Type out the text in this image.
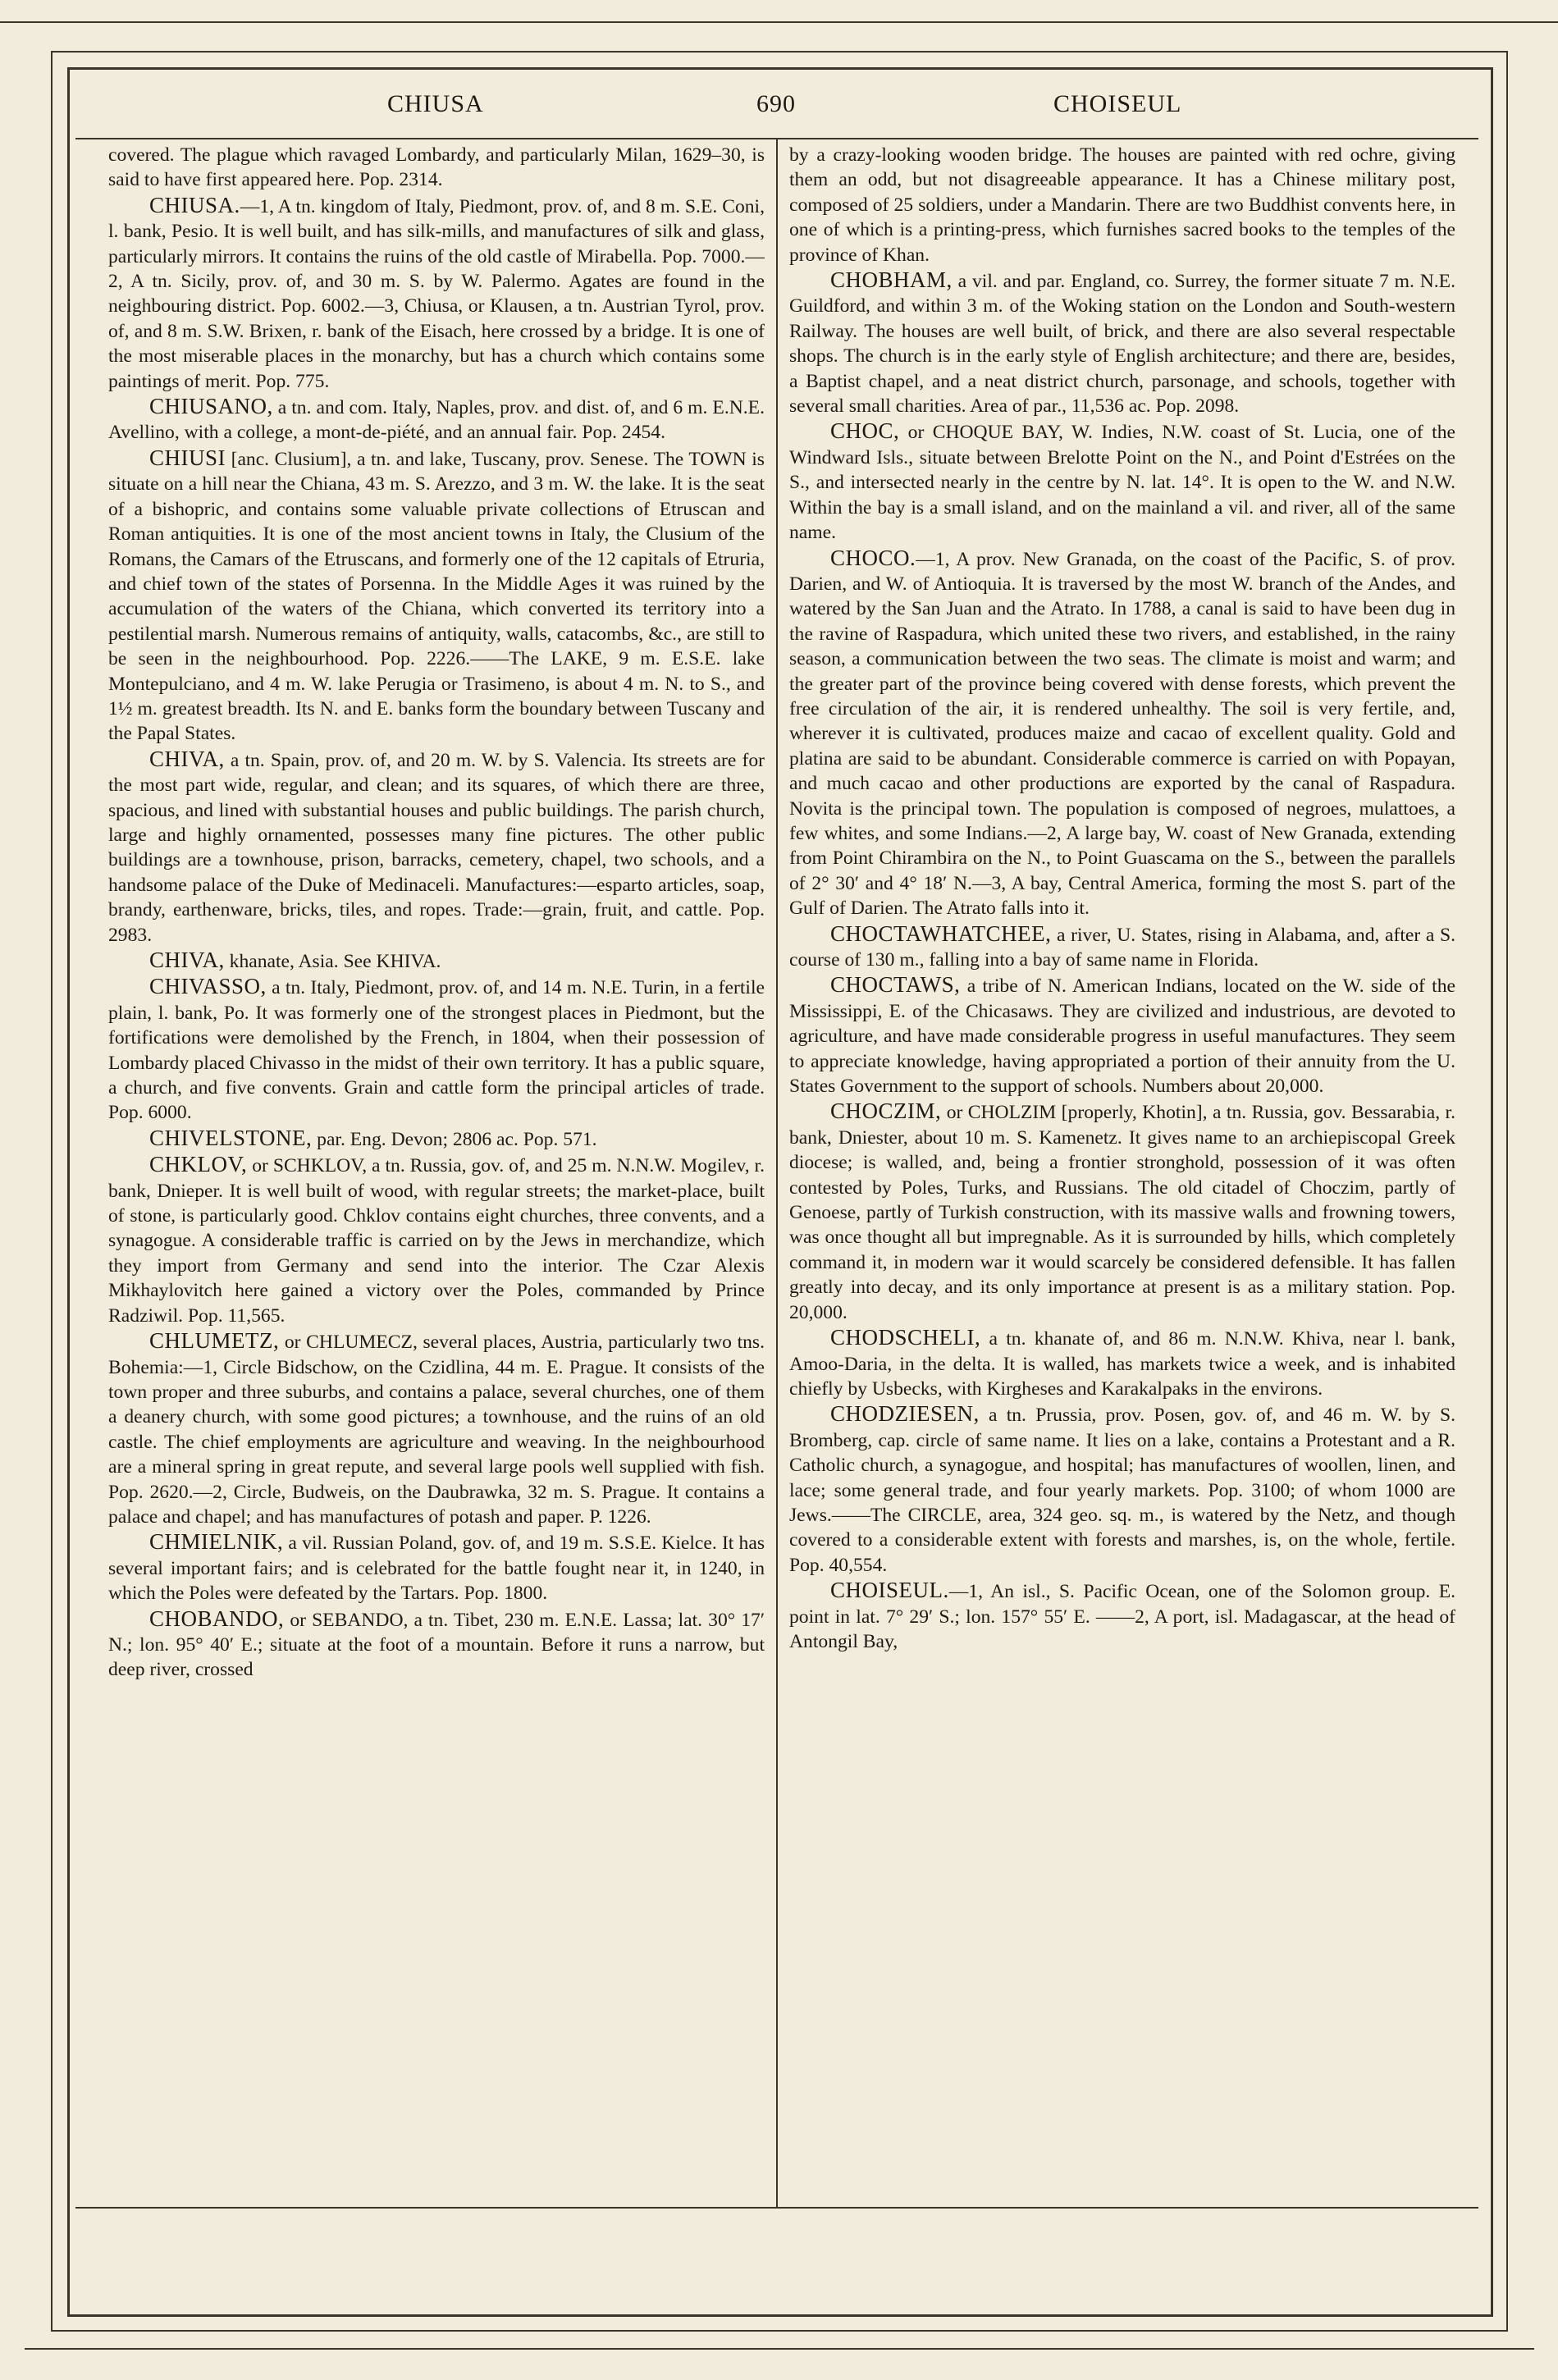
CHIUSA	690	CHOISEUL

covered. The plague which ravaged Lombardy, and particularly Milan, 1629–30, is said to have first appeared here. Pop. 2314.

CHIUSA.—1, A tn. kingdom of Italy, Piedmont, prov. of, and 8 m. S.E. Coni, l. bank, Pesio. It is well built, and has silk-mills, and manufactures of silk and glass, particularly mirrors. It contains the ruins of the old castle of Mirabella. Pop. 7000.—2, A tn. Sicily, prov. of, and 30 m. S. by W. Palermo. Agates are found in the neighbouring district. Pop. 6002.—3, Chiusa, or Klausen, a tn. Austrian Tyrol, prov. of, and 8 m. S.W. Brixen, r. bank of the Eisach, here crossed by a bridge. It is one of the most miserable places in the monarchy, but has a church which contains some paintings of merit. Pop. 775.

CHIUSANO, a tn. and com. Italy, Naples, prov. and dist. of, and 6 m. E.N.E. Avellino, with a college, a mont-de-piété, and an annual fair. Pop. 2454.

CHIUSI [anc. Clusium], a tn. and lake, Tuscany, prov. Senese. The TOWN is situate on a hill near the Chiana, 43 m. S. Arezzo, and 3 m. W. the lake. It is the seat of a bishopric, and contains some valuable private collections of Etruscan and Roman antiquities. It is one of the most ancient towns in Italy, the Clusium of the Romans, the Camars of the Etruscans, and formerly one of the 12 capitals of Etruria, and chief town of the states of Porsenna. In the Middle Ages it was ruined by the accumulation of the waters of the Chiana, which converted its territory into a pestilential marsh. Numerous remains of antiquity, walls, catacombs, &c., are still to be seen in the neighbourhood. Pop. 2226.——The LAKE, 9 m. E.S.E. lake Montepulciano, and 4 m. W. lake Perugia or Trasimeno, is about 4 m. N. to S., and 1½ m. greatest breadth. Its N. and E. banks form the boundary between Tuscany and the Papal States.

CHIVA, a tn. Spain, prov. of, and 20 m. W. by S. Valencia. Its streets are for the most part wide, regular, and clean; and its squares, of which there are three, spacious, and lined with substantial houses and public buildings. The parish church, large and highly ornamented, possesses many fine pictures. The other public buildings are a townhouse, prison, barracks, cemetery, chapel, two schools, and a handsome palace of the Duke of Medinaceli. Manufactures:—esparto articles, soap, brandy, earthenware, bricks, tiles, and ropes. Trade:—grain, fruit, and cattle. Pop. 2983.

CHIVA, khanate, Asia. See KHIVA.

CHIVASSO, a tn. Italy, Piedmont, prov. of, and 14 m. N.E. Turin, in a fertile plain, l. bank, Po. It was formerly one of the strongest places in Piedmont, but the fortifications were demolished by the French, in 1804, when their possession of Lombardy placed Chivasso in the midst of their own territory. It has a public square, a church, and five convents. Grain and cattle form the principal articles of trade. Pop. 6000.

CHIVELSTONE, par. Eng. Devon; 2806 ac. Pop. 571.

CHKLOV, or SCHKLOV, a tn. Russia, gov. of, and 25 m. N.N.W. Mogilev, r. bank, Dnieper. It is well built of wood, with regular streets; the market-place, built of stone, is particularly good. Chklov contains eight churches, three convents, and a synagogue. A considerable traffic is carried on by the Jews in merchandize, which they import from Germany and send into the interior. The Czar Alexis Mikhaylovitch here gained a victory over the Poles, commanded by Prince Radziwil. Pop. 11,565.

CHLUMETZ, or CHLUMECZ, several places, Austria, particularly two tns. Bohemia:—1, Circle Bidschow, on the Czidlina, 44 m. E. Prague. It consists of the town proper and three suburbs, and contains a palace, several churches, one of them a deanery church, with some good pictures; a townhouse, and the ruins of an old castle. The chief employments are agriculture and weaving. In the neighbourhood are a mineral spring in great repute, and several large pools well supplied with fish. Pop. 2620.—2, Circle, Budweis, on the Daubrawka, 32 m. S. Prague. It contains a palace and chapel; and has manufactures of potash and paper. P. 1226.

CHMIELNIK, a vil. Russian Poland, gov. of, and 19 m. S.S.E. Kielce. It has several important fairs; and is celebrated for the battle fought near it, in 1240, in which the Poles were defeated by the Tartars. Pop. 1800.

CHOBANDO, or SEBANDO, a tn. Tibet, 230 m. E.N.E. Lassa; lat. 30° 17′ N.; lon. 95° 40′ E.; situate at the foot of a mountain. Before it runs a narrow, but deep river, crossed

by a crazy-looking wooden bridge. The houses are painted with red ochre, giving them an odd, but not disagreeable appearance. It has a Chinese military post, composed of 25 soldiers, under a Mandarin. There are two Buddhist convents here, in one of which is a printing-press, which furnishes sacred books to the temples of the province of Khan.

CHOBHAM, a vil. and par. England, co. Surrey, the former situate 7 m. N.E. Guildford, and within 3 m. of the Woking station on the London and South-western Railway. The houses are well built, of brick, and there are also several respectable shops. The church is in the early style of English architecture; and there are, besides, a Baptist chapel, and a neat district church, parsonage, and schools, together with several small charities. Area of par., 11,536 ac. Pop. 2098.

CHOC, or CHOQUE BAY, W. Indies, N.W. coast of St. Lucia, one of the Windward Isls., situate between Brelotte Point on the N., and Point d'Estrées on the S., and intersected nearly in the centre by N. lat. 14°. It is open to the W. and N.W. Within the bay is a small island, and on the mainland a vil. and river, all of the same name.

CHOCO.—1, A prov. New Granada, on the coast of the Pacific, S. of prov. Darien, and W. of Antioquia. It is traversed by the most W. branch of the Andes, and watered by the San Juan and the Atrato. In 1788, a canal is said to have been dug in the ravine of Raspadura, which united these two rivers, and established, in the rainy season, a communication between the two seas. The climate is moist and warm; and the greater part of the province being covered with dense forests, which prevent the free circulation of the air, it is rendered unhealthy. The soil is very fertile, and, wherever it is cultivated, produces maize and cacao of excellent quality. Gold and platina are said to be abundant. Considerable commerce is carried on with Popayan, and much cacao and other productions are exported by the canal of Raspadura. Novita is the principal town. The population is composed of negroes, mulattoes, a few whites, and some Indians.—2, A large bay, W. coast of New Granada, extending from Point Chirambira on the N., to Point Guascama on the S., between the parallels of 2° 30′ and 4° 18′ N.—3, A bay, Central America, forming the most S. part of the Gulf of Darien. The Atrato falls into it.

CHOCTAWHATCHEE, a river, U. States, rising in Alabama, and, after a S. course of 130 m., falling into a bay of same name in Florida.

CHOCTAWS, a tribe of N. American Indians, located on the W. side of the Mississippi, E. of the Chicasaws. They are civilized and industrious, are devoted to agriculture, and have made considerable progress in useful manufactures. They seem to appreciate knowledge, having appropriated a portion of their annuity from the U. States Government to the support of schools. Numbers about 20,000.

CHOCZIM, or CHOLZIM [properly, Khotin], a tn. Russia, gov. Bessarabia, r. bank, Dniester, about 10 m. S. Kamenetz. It gives name to an archiepiscopal Greek diocese; is walled, and, being a frontier stronghold, possession of it was often contested by Poles, Turks, and Russians. The old citadel of Choczim, partly of Genoese, partly of Turkish construction, with its massive walls and frowning towers, was once thought all but impregnable. As it is surrounded by hills, which completely command it, in modern war it would scarcely be considered defensible. It has fallen greatly into decay, and its only importance at present is as a military station. Pop. 20,000.

CHODSCHELI, a tn. khanate of, and 86 m. N.N.W. Khiva, near l. bank, Amoo-Daria, in the delta. It is walled, has markets twice a week, and is inhabited chiefly by Usbecks, with Kirgheses and Karakalpaks in the environs.

CHODZIESEN, a tn. Prussia, prov. Posen, gov. of, and 46 m. W. by S. Bromberg, cap. circle of same name. It lies on a lake, contains a Protestant and a R. Catholic church, a synagogue, and hospital; has manufactures of woollen, linen, and lace; some general trade, and four yearly markets. Pop. 3100; of whom 1000 are Jews.——The CIRCLE, area, 324 geo. sq. m., is watered by the Netz, and though covered to a considerable extent with forests and marshes, is, on the whole, fertile. Pop. 40,554.

CHOISEUL.—1, An isl., S. Pacific Ocean, one of the Solomon group. E. point in lat. 7° 29′ S.; lon. 157° 55′ E. ——2, A port, isl. Madagascar, at the head of Antongil Bay,
